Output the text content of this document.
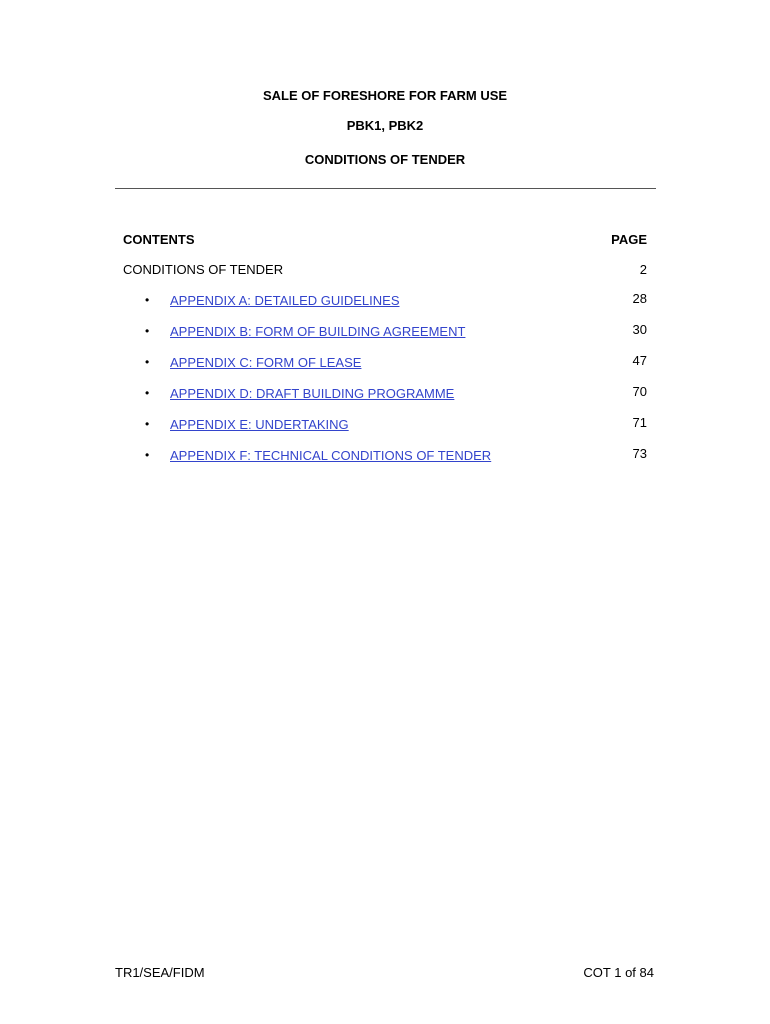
SALE OF FORESHORE FOR FARM USE
PBK1, PBK2
CONDITIONS OF TENDER
CONTENTS	PAGE
CONDITIONS OF TENDER	2
• APPENDIX A: DETAILED GUIDELINES	28
• APPENDIX B: FORM OF BUILDING AGREEMENT	30
• APPENDIX C: FORM OF LEASE	47
• APPENDIX D: DRAFT BUILDING PROGRAMME	70
• APPENDIX E: UNDERTAKING	71
• APPENDIX F: TECHNICAL CONDITIONS OF TENDER	73
TR1/SEA/FIDM	COT 1 of 84
